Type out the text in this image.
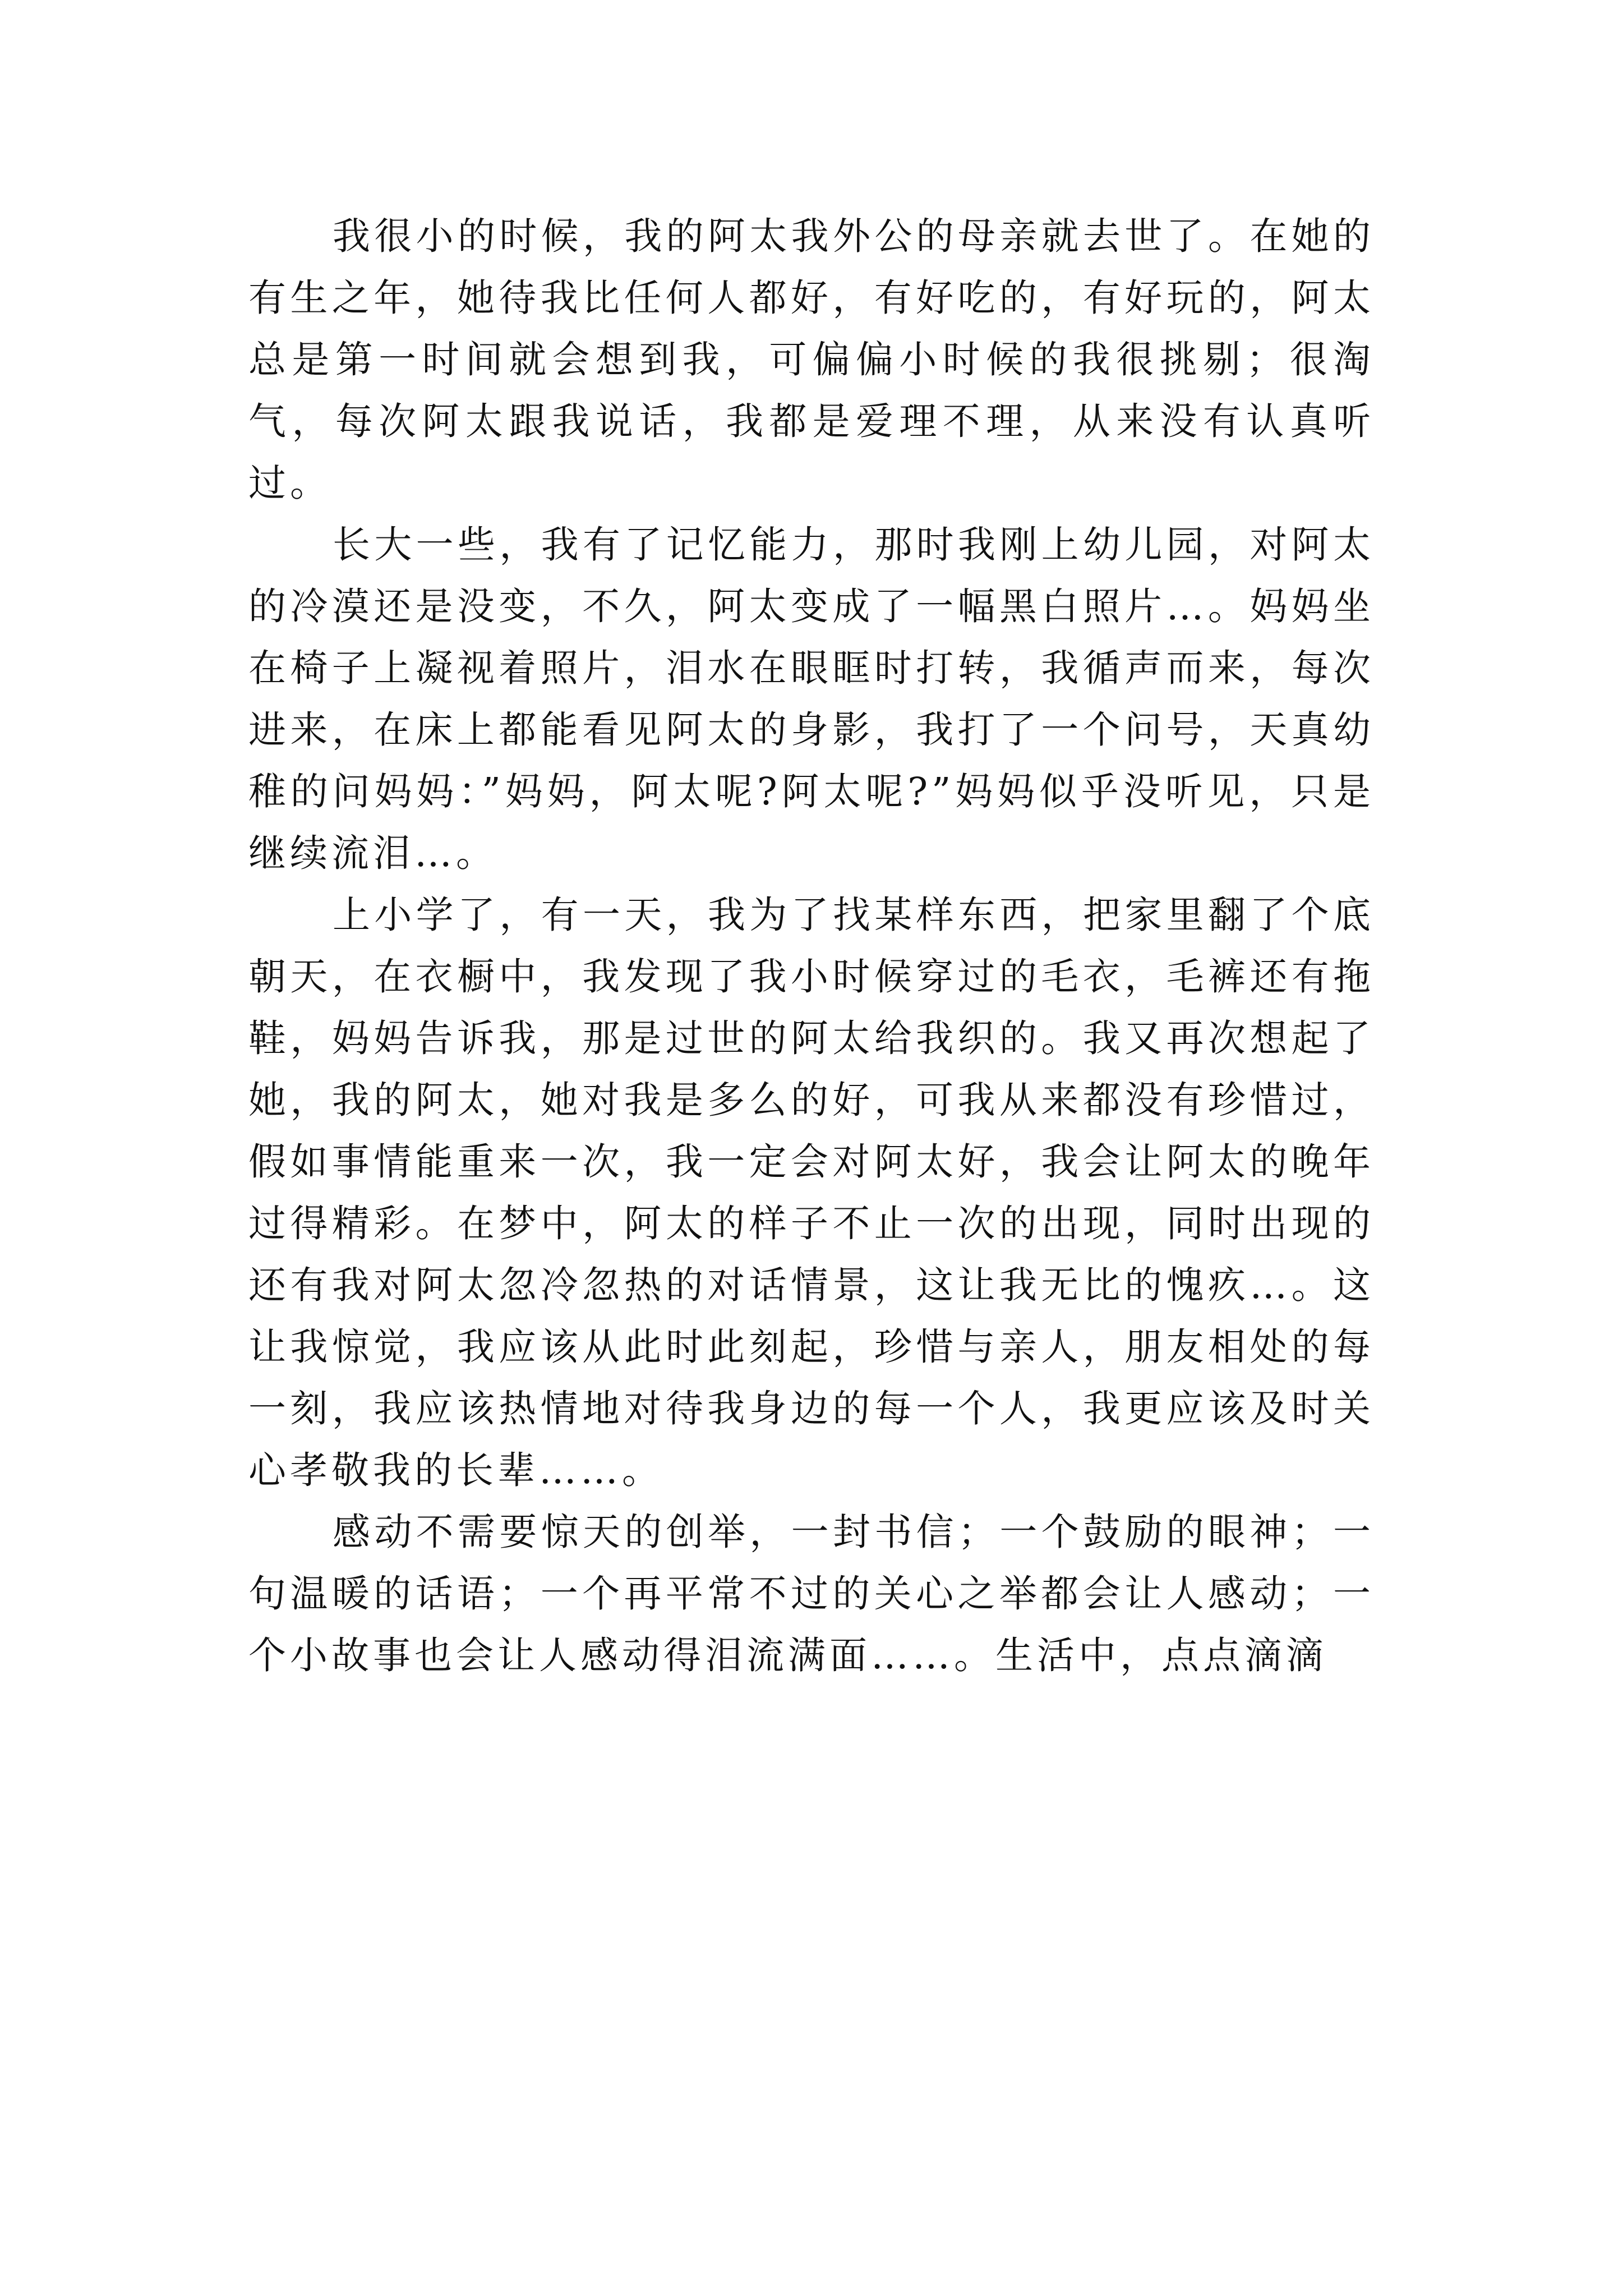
我很小的时候，我的阿太我外公的母亲就去世了。在她的有生之年，她待我比任何人都好，有好吃的，有好玩的，阿太总是第一时间就会想到我，可偏偏小时候的我很挑剔；很淘气，每次阿太跟我说话，我都是爱理不理，从来没有认真听过。

长大一些，我有了记忆能力，那时我刚上幼儿园，对阿太的冷漠还是没变，不久，阿太变成了一幅黑白照片…。妈妈坐在椅子上凝视着照片，泪水在眼眶时打转，我循声而来，每次进来，在床上都能看见阿太的身影，我打了一个问号，天真幼稚的问妈妈：”妈妈，阿太呢?阿太呢?”妈妈似乎没听见，只是继续流泪…。

上小学了，有一天，我为了找某样东西，把家里翻了个底朝天，在衣橱中，我发现了我小时候穿过的毛衣，毛裤还有拖鞋，妈妈告诉我，那是过世的阿太给我织的。我又再次想起了她，我的阿太，她对我是多么的好，可我从来都没有珍惜过，假如事情能重来一次，我一定会对阿太好，我会让阿太的晚年过得精彩。在梦中，阿太的样子不止一次的出现，同时出现的还有我对阿太忽冷忽热的对话情景，这让我无比的愧疚…。这让我惊觉，我应该从此时此刻起，珍惜与亲人，朋友相处的每一刻，我应该热情地对待我身边的每一个人，我更应该及时关心孝敬我的长辈……。

感动不需要惊天的创举，一封书信；一个鼓励的眼神；一句温暖的话语；一个再平常不过的关心之举都会让人感动；一个小故事也会让人感动得泪流满面……。生活中，点点滴滴
